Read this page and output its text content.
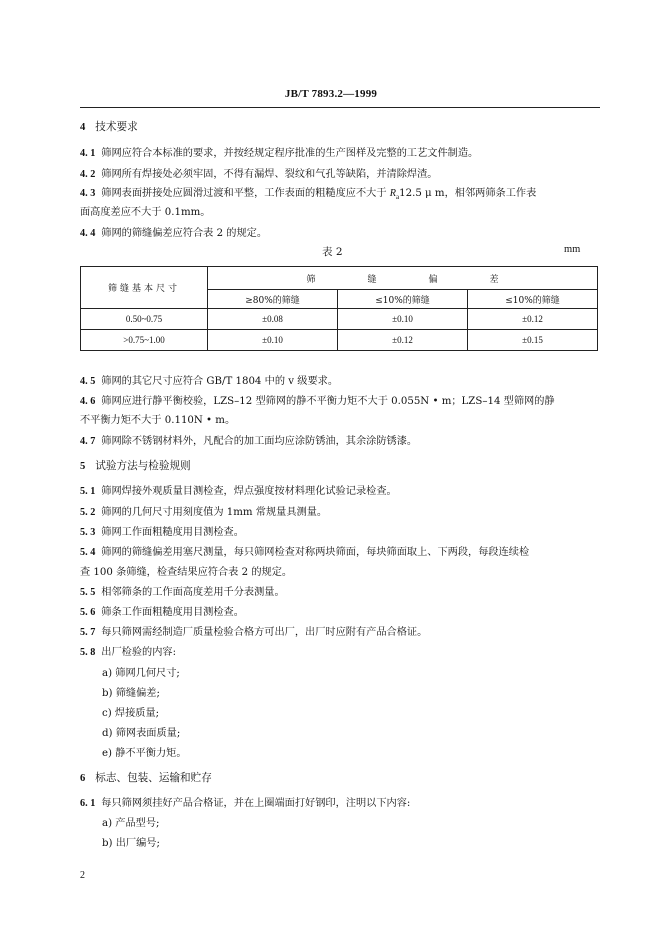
JB/T 7893.2—1999
4 技术要求
4. 1 筛网应符合本标准的要求，并按经规定程序批准的生产图样及完整的工艺文件制造。
4. 2 筛网所有焊接处必须牢固，不得有漏焊、裂纹和气孔等缺陷，并清除焊渣。
4. 3 筛网表面拼接处应圆滑过渡和平整，工作表面的粗糙度应不大于 $R_a12.5$ μ m，相邻两筛条工作表
面高度差应不大于 0.1mm。
4. 4 筛网的筛缝偏差应符合表 2 的规定。
表 2	mm
筛缝基本尺寸	筛 缝 偏 差		
	≥80%的筛缝	≤10%的筛缝	≤10%的筛缝
0.50~0.75	±0.08	±0.10	±0.12
>0.75~1.00	±0.10	±0.12	±0.15
4. 5 筛网的其它尺寸应符合 GB/T 1804 中的 v 级要求。
4. 6 筛网应进行静平衡校验，LZS–12 型筛网的静不平衡力矩不大于 0.055N • m；LZS–14 型筛网的静
不平衡力矩不大于 0.110N • m。
4. 7 筛网除不锈钢材料外，凡配合的加工面均应涂防锈油，其余涂防锈漆。
5 试验方法与检验规则
5. 1 筛网焊接外观质量目测检查，焊点强度按材料理化试验记录检查。
5. 2 筛网的几何尺寸用刻度值为 1mm 常规量具测量。
5. 3 筛网工作面粗糙度用目测检查。
5. 4 筛网的筛缝偏差用塞尺测量，每只筛网检查对称两块筛面，每块筛面取上、下两段，每段连续检
查 100 条筛缝，检查结果应符合表 2 的规定。
5. 5 相邻筛条的工作面高度差用千分表测量。
5. 6 筛条工作面粗糙度用目测检查。
5. 7 每只筛网需经制造厂质量检验合格方可出厂，出厂时应附有产品合格证。
5. 8 出厂检验的内容:
a) 筛网几何尺寸;
b) 筛缝偏差;
c) 焊接质量;
d) 筛网表面质量;
e) 静不平衡力矩。
6 标志、包装、运输和贮存
6. 1 每只筛网须挂好产品合格证，并在上圈端面打好钢印，注明以下内容:
a) 产品型号;
b) 出厂编号;
2
